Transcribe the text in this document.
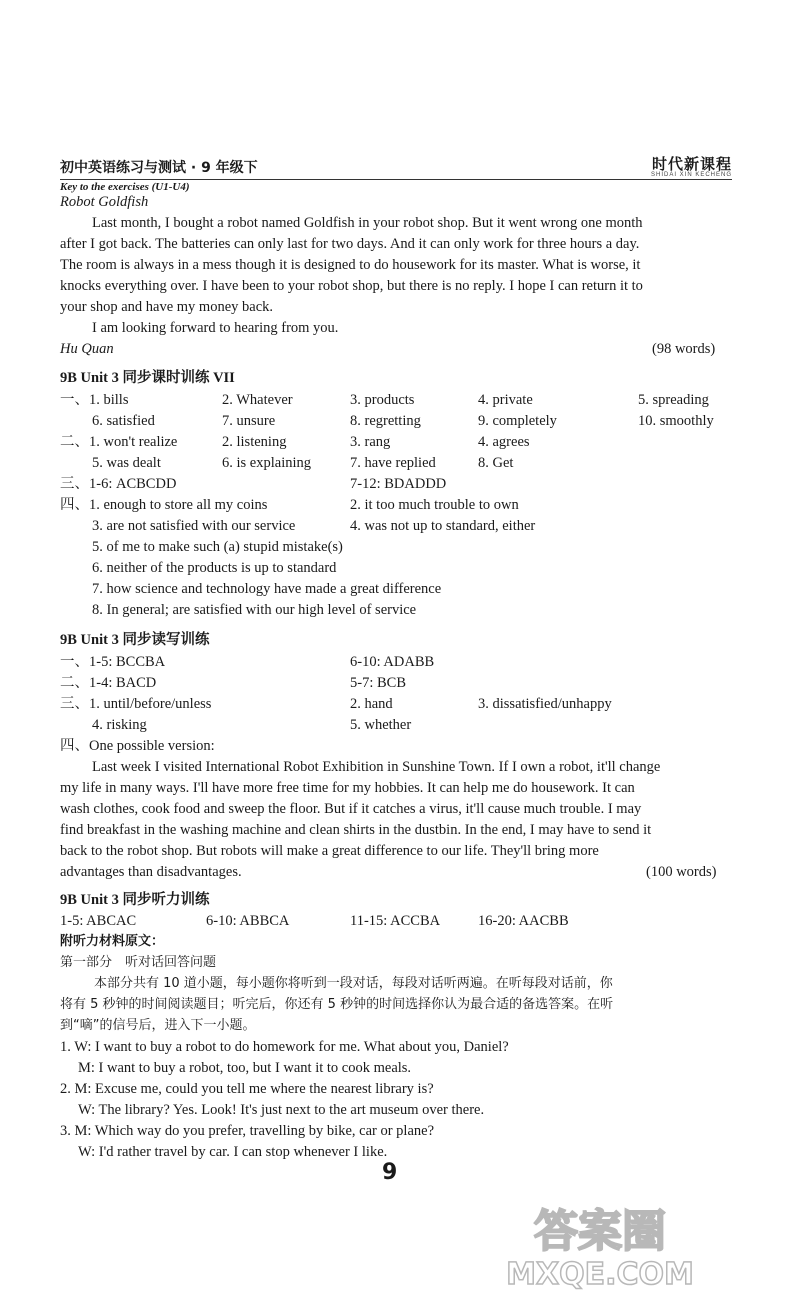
初中英语练习与测试 · 9 年级下	时代新课程
SHIDAI XIN KECHENG
Key to the exercises (U1-U4)
Robot Goldfish
Last month, I bought a robot named Goldfish in your robot shop. But it went wrong one month
after I got back. The batteries can only last for two days. And it can only work for three hours a day.
The room is always in a mess though it is designed to do housework for its master. What is worse, it
knocks everything over. I have been to your robot shop, but there is no reply. I hope I can return it to
your shop and have my money back.
I am looking forward to hearing from you.
Hu Quan	(98 words)
9B Unit 3 同步课时训练 VII
一、1. bills	2. Whatever	3. products	4. private	5. spreading
6. satisfied	7. unsure	8. regretting	9. completely	10. smoothly
二、1. won't realize	2. listening	3. rang	4. agrees
5. was dealt	6. is explaining	7. have replied	8. Get
三、1-6: ACBCDD	7-12: BDADDD
四、1. enough to store all my coins	2. it too much trouble to own
3. are not satisfied with our service	4. was not up to standard, either
5. of me to make such (a) stupid mistake(s)
6. neither of the products is up to standard
7. how science and technology have made a great difference
8. In general; are satisfied with our high level of service
9B Unit 3 同步读写训练
一、1-5: BCCBA	6-10: ADABB
二、1-4: BACD	5-7: BCB
三、1. until/before/unless	2. hand	3. dissatisfied/unhappy
4. risking	5. whether
四、One possible version:
Last week I visited International Robot Exhibition in Sunshine Town. If I own a robot, it'll change
my life in many ways. I'll have more free time for my hobbies. It can help me do housework. It can
wash clothes, cook food and sweep the floor. But if it catches a virus, it'll cause much trouble. I may
find breakfast in the washing machine and clean shirts in the dustbin. In the end, I may have to send it
back to the robot shop. But robots will make a great difference to our life. They'll bring more
advantages than disadvantages.	(100 words)
9B Unit 3 同步听力训练
1-5: ABCAC	6-10: ABBCA	11-15: ACCBA	16-20: AACBB
附听力材料原文：
第一部分　听对话回答问题
本部分共有 10 道小题，每小题你将听到一段对话，每段对话听两遍。在听每段对话前，你
将有 5 秒钟的时间阅读题目；听完后，你还有 5 秒钟的时间选择你认为最合适的备选答案。在听
到“嘀”的信号后，进入下一小题。
1. W: I want to buy a robot to do homework for me. What about you, Daniel?
M: I want to buy a robot, too, but I want it to cook meals.
2. M: Excuse me, could you tell me where the nearest library is?
W: The library? Yes. Look! It's just next to the art museum over there.
3. M: Which way do you prefer, travelling by bike, car or plane?
W: I'd rather travel by car. I can stop whenever I like.
9
答案圈
MXQE.COM
